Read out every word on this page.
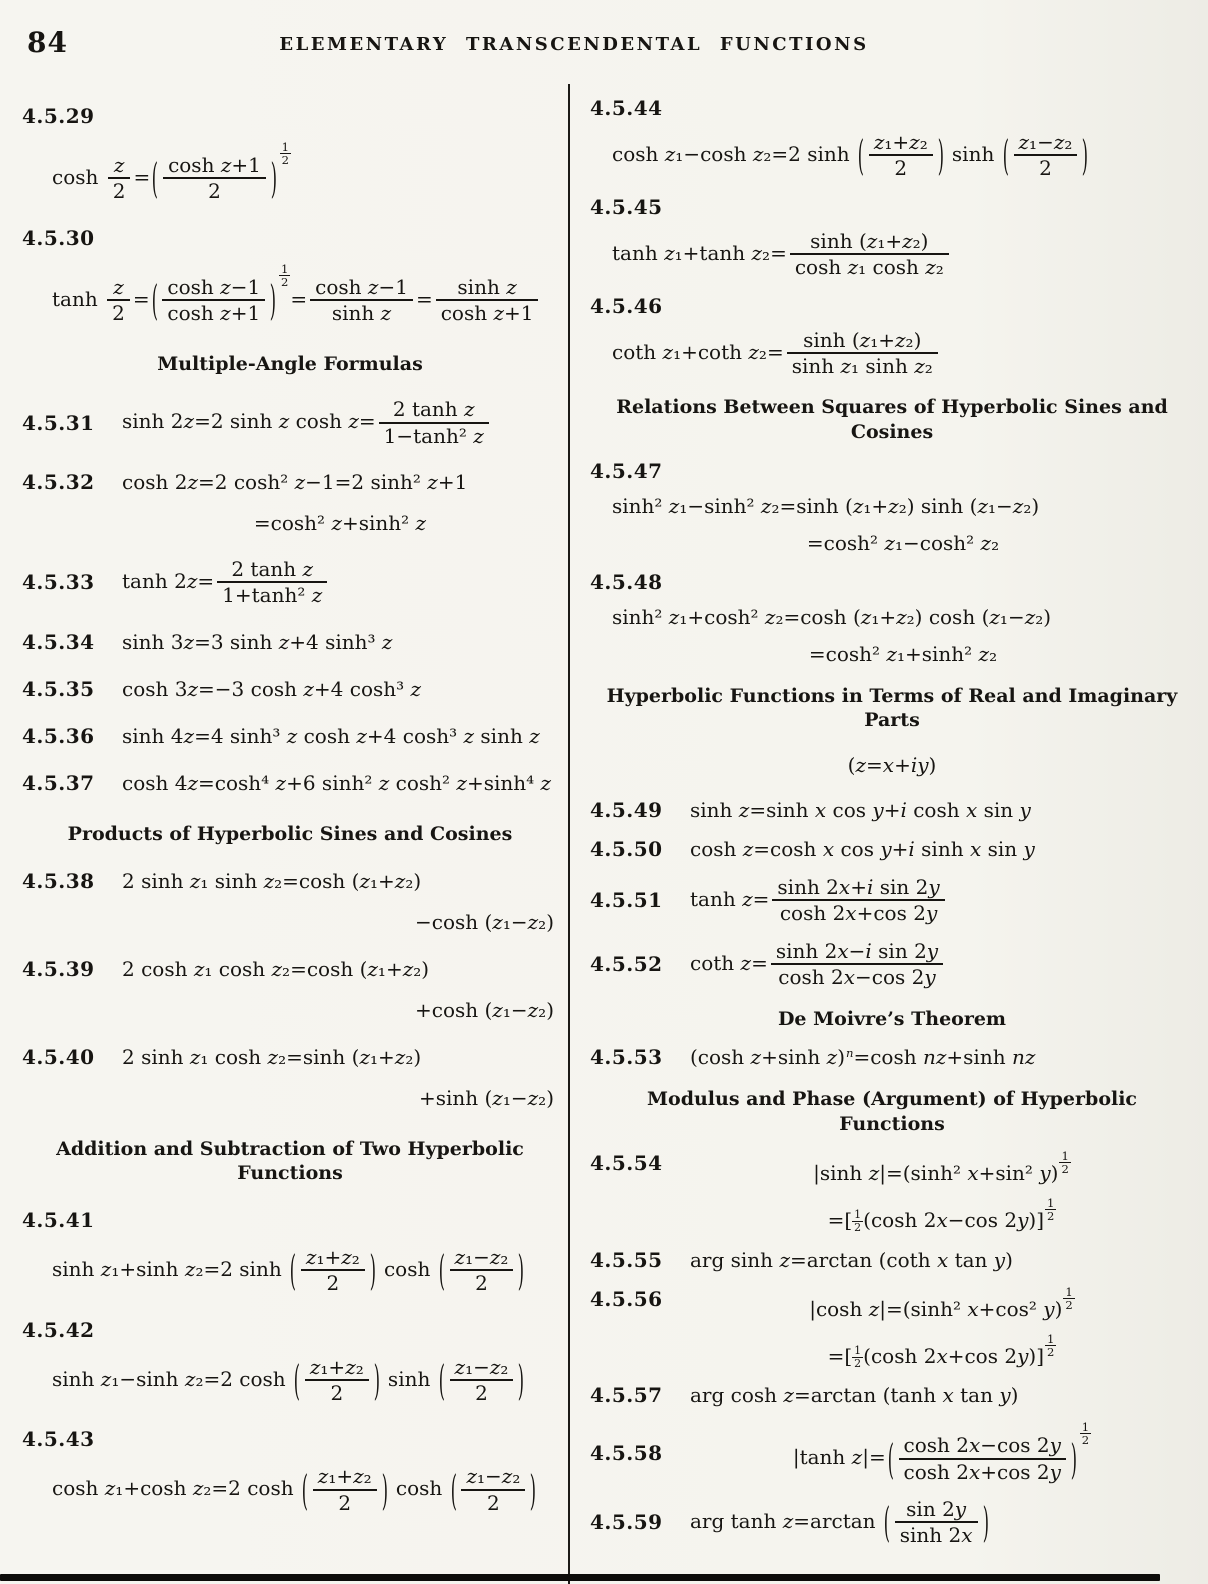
84	ELEMENTARY TRANSCENDENTAL FUNCTIONS
4.5.29
$\cosh \frac{z}{2}$ =( $\frac{\text{cosh z+1}}{2}$ )
$^{\frac{1}{2}}$
4.5.30
$\tanh \frac{z}{2}$ =( $\frac{\text{cosh z−1}}{\text{cosh z+1}}$ )
$^{\frac{1}{2}}$
= $\frac{\text{cosh z−1}}{\text{sinh z}} = \frac{\text{sinh z}}{\text{cosh z+1}}$
Multiple-Angle Formulas
4.5.31	sinh 2z=2 sinh z $\cosh z= \frac{\text{2 tanh z}}{\text{1−tanh² z}}$
4.5.32	cosh 2z=2 cosh² z−1=2 sinh² z+1
=cosh² z+sinh² z
4.5.33	$\tanh 2z= \frac{\text{2 tanh z}}{\text{1+tanh² z}}$
4.5.34	sinh 3z=3 sinh z+4 sinh³ z
4.5.35	cosh 3z=−3 cosh z+4 cosh³ z
4.5.36	sinh 4z=4 sinh³ z cosh z+4 cosh³ z sinh z
4.5.37	cosh 4z=cosh⁴ z+6 sinh² z cosh² z+sinh⁴ z
Products of Hyperbolic Sines and Cosines
4.5.38	2 sinh z₁ sinh z₂=cosh (z₁+z₂)
−cosh (z₁−z₂)
4.5.39	2 cosh z₁ cosh z₂=cosh (z₁+z₂)
+cosh (z₁−z₂)
4.5.40	2 sinh z₁ cosh z₂=sinh (z₁+z₂)
+sinh (z₁−z₂)
Addition and Subtraction of Two Hyperbolic Functions
4.5.41
sinh z₁+sinh z₂=2 sinh ( $\frac{\text{z₁+z₂}}{2}$ ) cosh ( $\frac{\text{z₁−z₂}}{2}$ )
4.5.42
sinh z₁−sinh z₂=2 cosh ( $\frac{\text{z₁+z₂}}{2}$ ) sinh ( $\frac{\text{z₁−z₂}}{2}$ )
4.5.43
cosh z₁+cosh z₂=2 cosh ( $\frac{\text{z₁+z₂}}{2}$ ) cosh ( $\frac{\text{z₁−z₂}}{2}$ )
4.5.44
cosh z₁−cosh z₂=2 sinh ( $\frac{\text{z₁+z₂}}{2}$ ) sinh ( $\frac{\text{z₁−z₂}}{2}$ )
4.5.45
tanh z₁+tanh $z_2= \frac{\text{sinh (z₁+z₂)}}{\text{cosh z₁ cosh z₂}}$
4.5.46
coth z₁+coth $z_2= \frac{\text{sinh (z₁+z₂)}}{\text{sinh z₁ sinh z₂}}$
Relations Between Squares of Hyperbolic Sines and Cosines
4.5.47
sinh² z₁−sinh² z₂=sinh (z₁+z₂) sinh (z₁−z₂)
=cosh² z₁−cosh² z₂
4.5.48
sinh² z₁+cosh² z₂=cosh (z₁+z₂) cosh (z₁−z₂)
=cosh² z₁+sinh² z₂
Hyperbolic Functions in Terms of Real and Imaginary Parts
(z=x+iy)
4.5.49	sinh z=sinh x cos y+i cosh x sin y
4.5.50	cosh z=cosh x cos y+i sinh x sin y
4.5.51	$\tanh z= \frac{\text{sinh 2x+i sin 2y}}{\cosh 2x+\cos 2y}$
4.5.52	coth $z= \frac{\text{sinh 2x−i sin 2y}}{\cosh 2x-\cos 2y}$
De Moivre’s Theorem
4.5.53	(cosh z+sinh z)$^n$=cosh nz+sinh nz
Modulus and Phase (Argument) of Hyperbolic Functions
4.5.54	|sinh z|=(sinh² x+sin² y) $^{\frac{1}{2}}$
=[ $\frac{1}{2} (\cosh$ 2x−cos 2y)] $^{\frac{1}{2}}$
4.5.55	arg sinh z=arctan (coth x tan y)
4.5.56	|cosh z|=(sinh² x+cos² y) $^{\frac{1}{2}}$
=[ $\frac{1}{2} (\cosh$ 2x+cos 2y)] $^{\frac{1}{2}}$
4.5.57	arg cosh z=arctan (tanh x tan y)
4.5.58	|tanh $z|=( \frac{\cosh 2x-\cos 2y}{\cosh 2x+\cos 2y}$ )
$^{\frac{1}{2}}$
4.5.59	arg tanh z=arctan ( $\frac{\sin 2y}{\sinh 2x}$ )
